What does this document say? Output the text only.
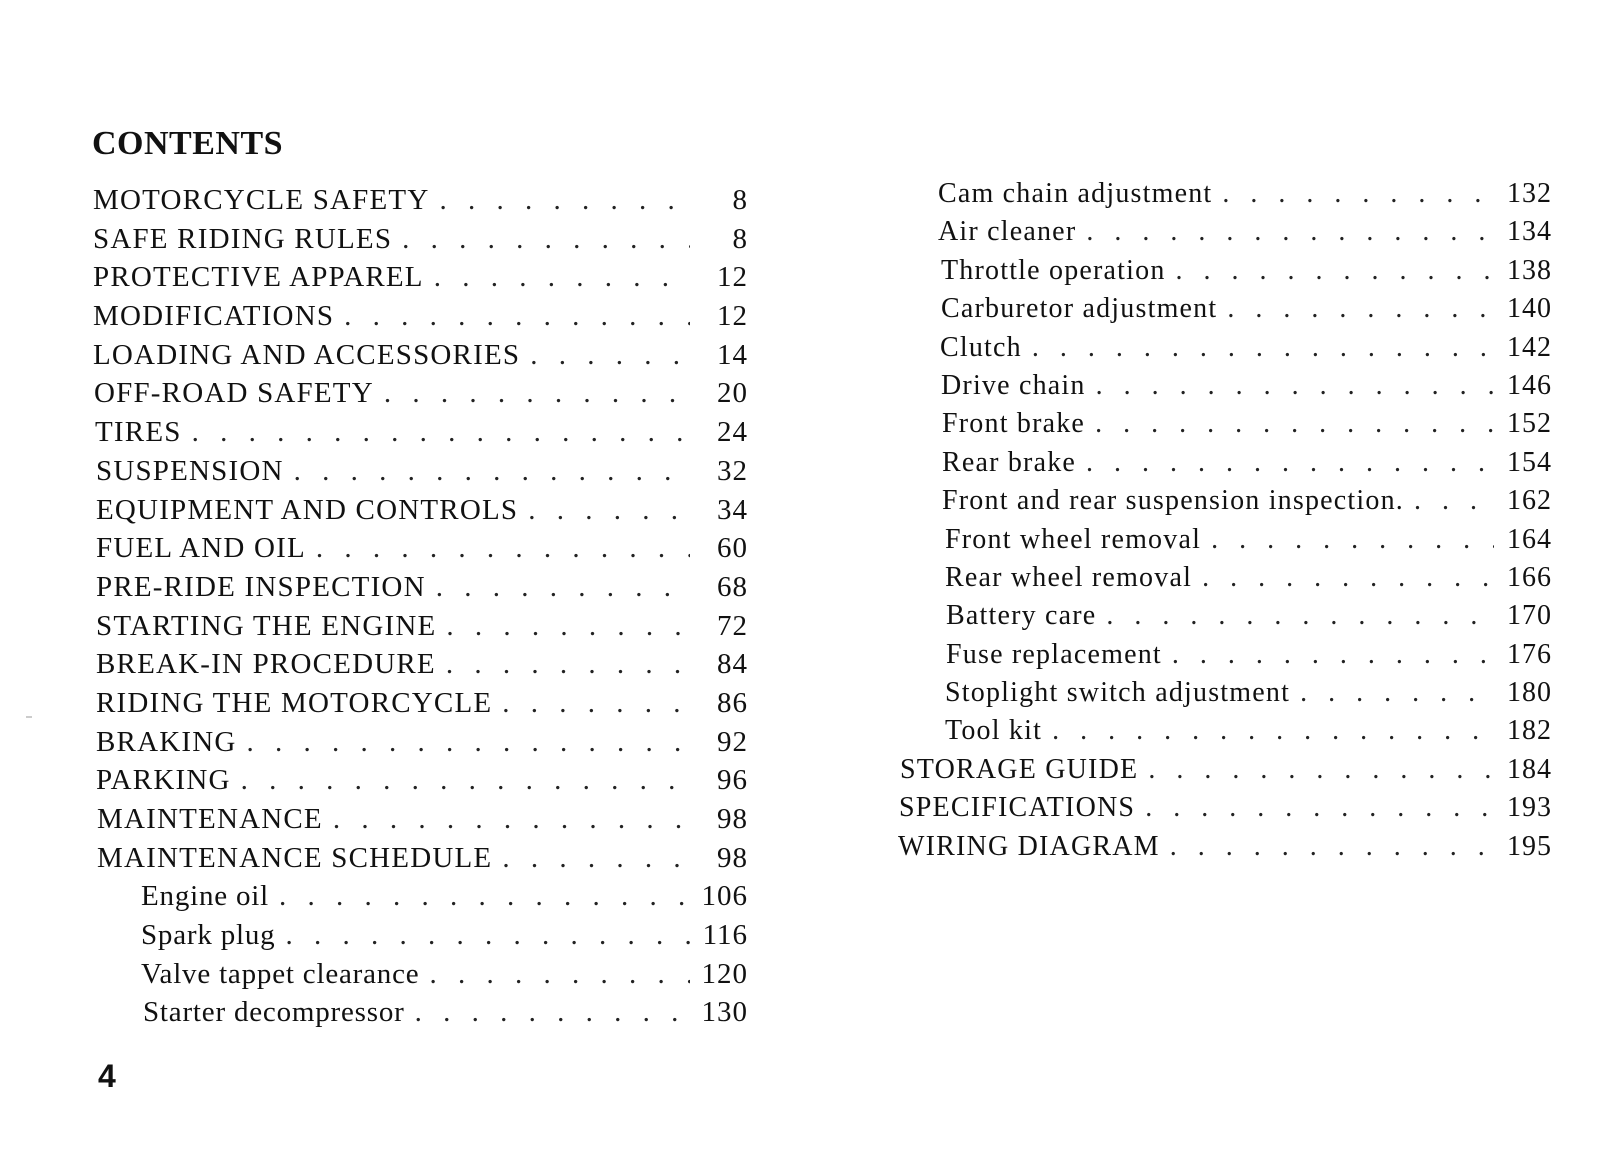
CONTENTS
MOTORCYCLE SAFETY . . .	8
SAFE RIDING RULES . . .	8
PROTECTIVE APPAREL . . .	12
MODIFICATIONS . . .	12
LOADING AND ACCESSORIES . . .	14
OFF-ROAD SAFETY . . .	20
TIRES . . .	24
SUSPENSION . . .	32
EQUIPMENT AND CONTROLS . . .	34
FUEL AND OIL . . .	60
PRE-RIDE INSPECTION . . .	68
STARTING THE ENGINE . . .	72
BREAK-IN PROCEDURE . . .	84
RIDING THE MOTORCYCLE . . .	86
BRAKING . . .	92
PARKING . . .	96
MAINTENANCE . . .	98
MAINTENANCE SCHEDULE . . .	98
Engine oil . . .	106
Spark plug . . .	116
Valve tappet clearance . . .	120
Starter decompressor . . .	130
Cam chain adjustment . . .	132
Air cleaner . . .	134
Throttle operation . . .	138
Carburetor adjustment . . .	140
Clutch . . .	142
Drive chain . . .	146
Front brake . . .	152
Rear brake . . .	154
Front and rear suspension inspection. . . .	162
Front wheel removal . . .	164
Rear wheel removal . . .	166
Battery care . . .	170
Fuse replacement . . .	176
Stoplight switch adjustment . . .	180
Tool kit . . .	182
STORAGE GUIDE . . .	184
SPECIFICATIONS . . .	193
WIRING DIAGRAM . . .	195
4
